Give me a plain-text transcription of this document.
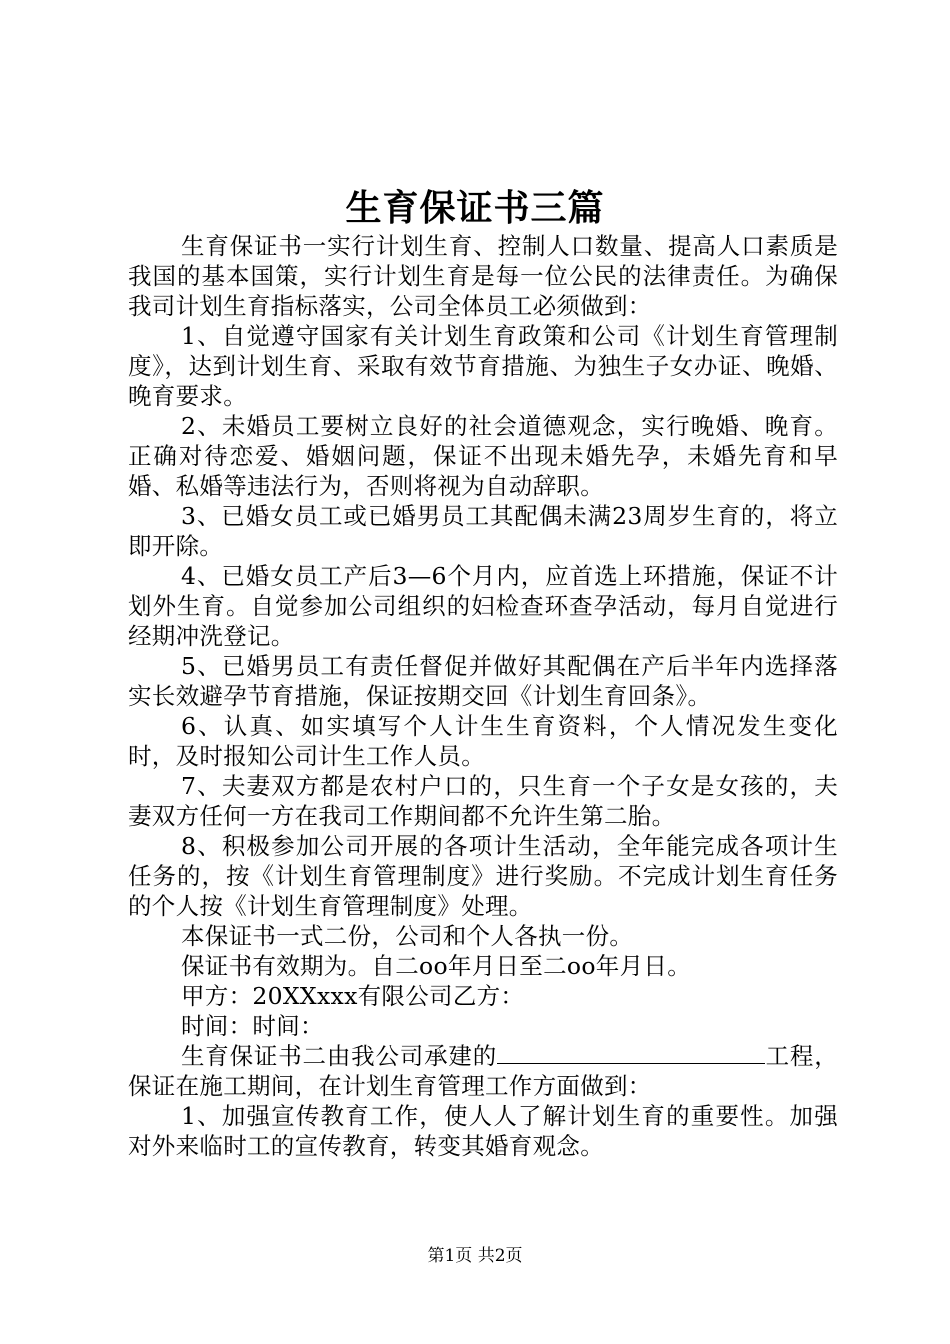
生育保证书三篇

生育保证书一实行计划生育、控制人口数量、提高人口素质是我国的基本国策，实行计划生育是每一位公民的法律责任。为确保我司计划生育指标落实，公司全体员工必须做到：

1、自觉遵守国家有关计划生育政策和公司《计划生育管理制度》，达到计划生育、采取有效节育措施、为独生子女办证、晚婚、晚育要求。

2、未婚员工要树立良好的社会道德观念，实行晚婚、晚育。正确对待恋爱、婚姻问题，保证不出现未婚先孕，未婚先育和早婚、私婚等违法行为，否则将视为自动辞职。

3、已婚女员工或已婚男员工其配偶未满23周岁生育的，将立即开除。

4、已婚女员工产后3—6个月内，应首选上环措施，保证不计划外生育。自觉参加公司组织的妇检查环查孕活动，每月自觉进行经期冲洗登记。

5、已婚男员工有责任督促并做好其配偶在产后半年内选择落实长效避孕节育措施，保证按期交回《计划生育回条》。

6、认真、如实填写个人计生生育资料，个人情况发生变化时，及时报知公司计生工作人员。

7、夫妻双方都是农村户口的，只生育一个子女是女孩的，夫妻双方任何一方在我司工作期间都不允许生第二胎。

8、积极参加公司开展的各项计生活动，全年能完成各项计生任务的，按《计划生育管理制度》进行奖励。不完成计划生育任务的个人按《计划生育管理制度》处理。

本保证书一式二份，公司和个人各执一份。

保证书有效期为。自二oo年月日至二oo年月日。

甲方：20XXxxx有限公司乙方：

时间：时间：

生育保证书二由我公司承建的	工程，保证在施工期间，在计划生育管理工作方面做到：

1、加强宣传教育工作，使人人了解计划生育的重要性。加强对外来临时工的宣传教育，转变其婚育观念。

第1页 共2页
